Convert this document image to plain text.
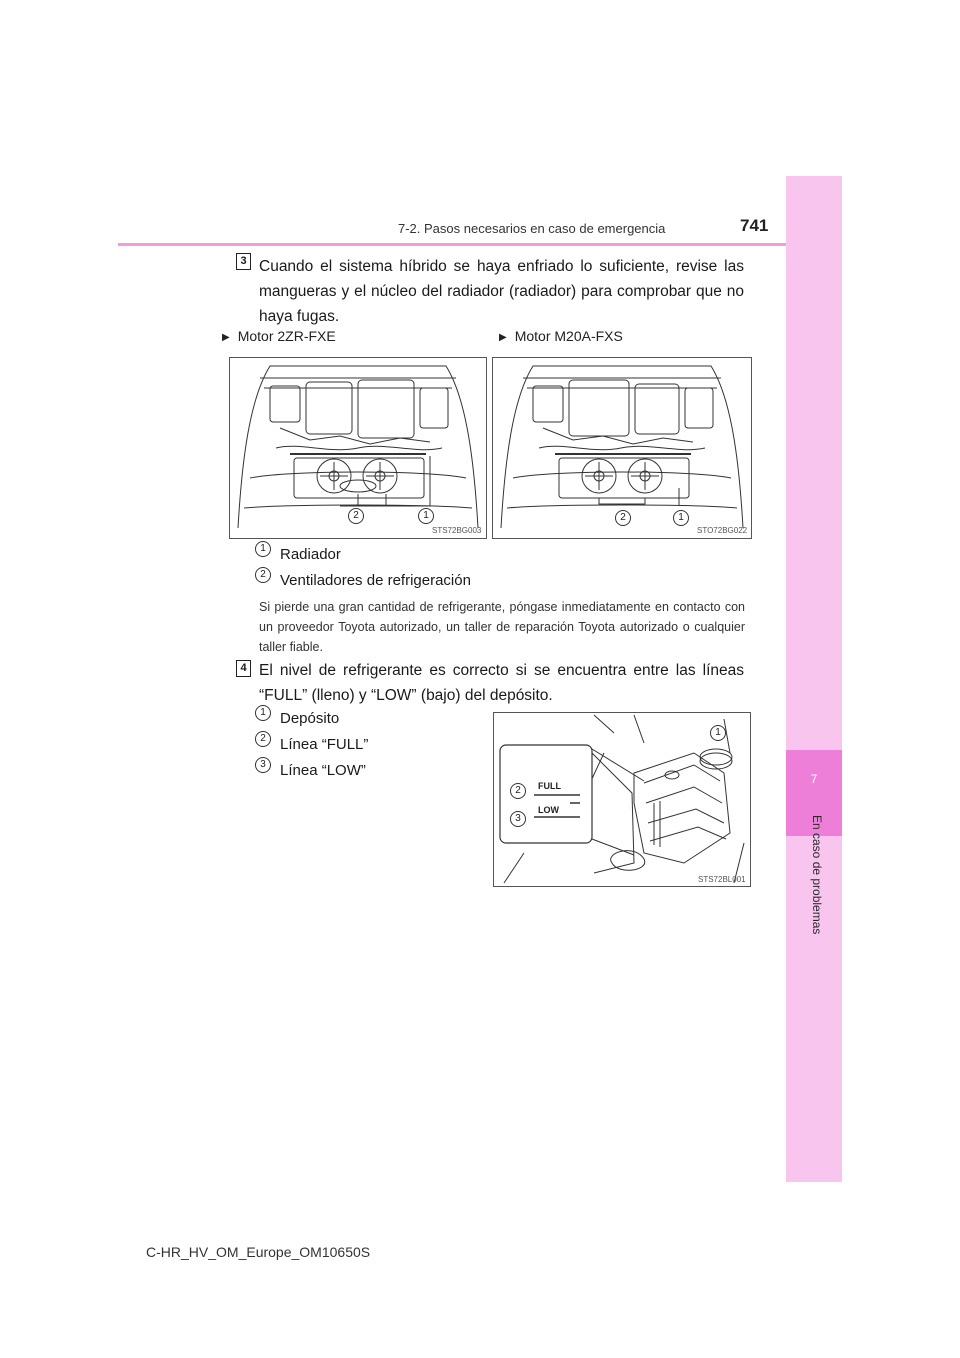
7
En caso de problemas
7-2. Pasos necesarios en caso de emergencia	741
3 Cuando el sistema híbrido se haya enfriado lo suficiente, revise las mangueras y el núcleo del radiador (radiador) para comprobar que no haya fugas.
▶ Motor 2ZR-FXE	▶ Motor M20A-FXS
2	1
STS72BG003
2	1
STO72BG022
1 Radiador
2 Ventiladores de refrigeración
Si pierde una gran cantidad de refrigerante, póngase inmediatamente en contacto con un proveedor Toyota autorizado, un taller de reparación Toyota autorizado o cualquier taller fiable.
4 El nivel de refrigerante es correcto si se encuentra entre las líneas “FULL” (lleno) y “LOW” (bajo) del depósito.
1 Depósito
2 Línea “FULL”
3 Línea “LOW”
FULL
LOW
1
2
3
STS72BL001
C-HR_HV_OM_Europe_OM10650S
